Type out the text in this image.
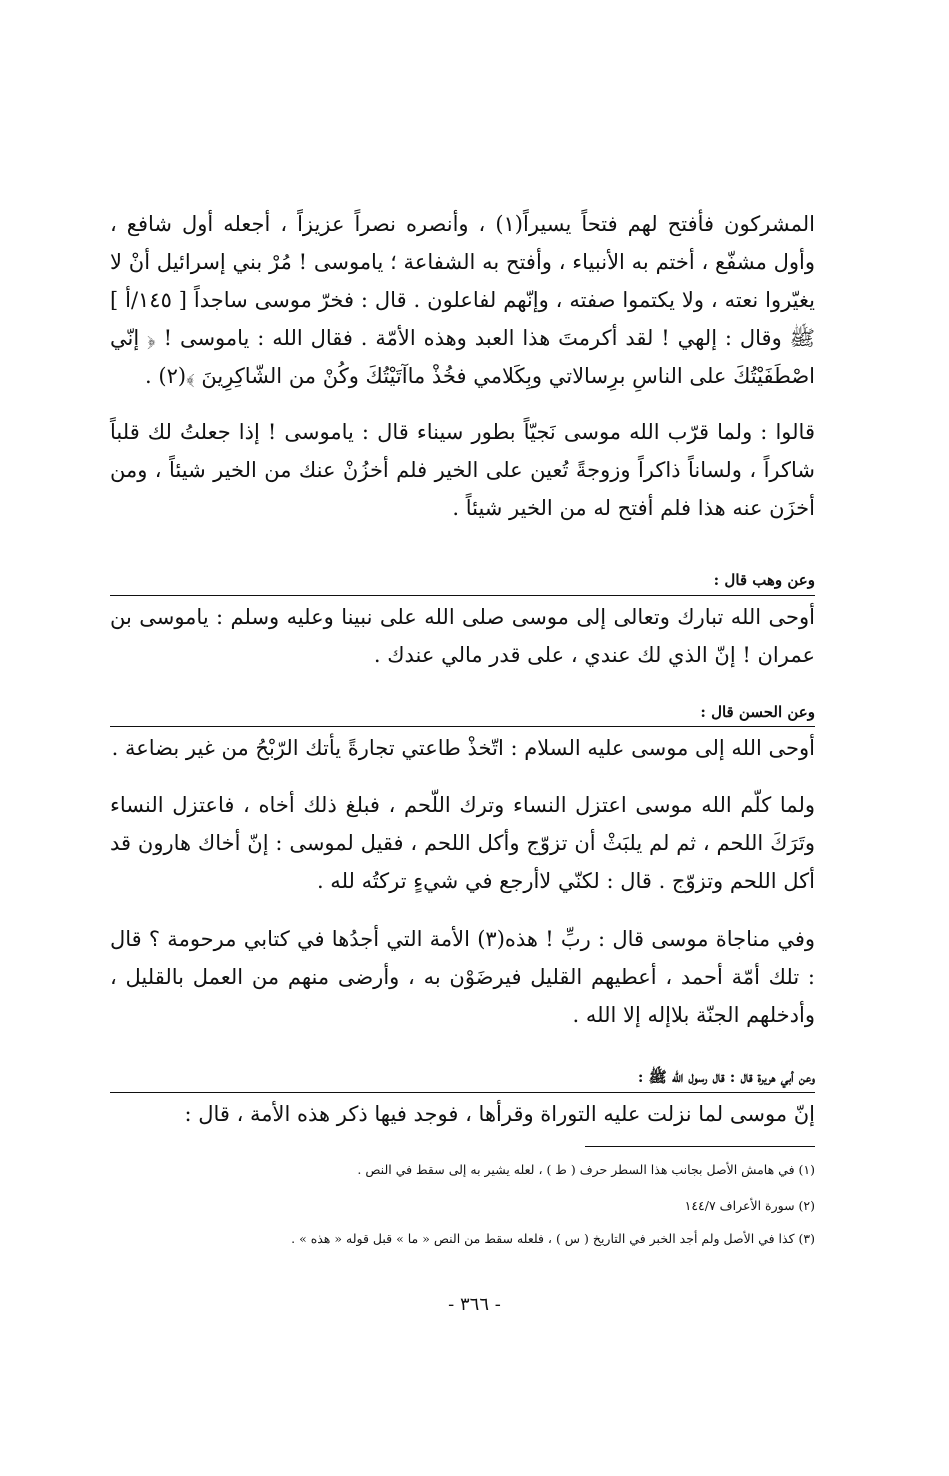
المشركون فأفتح لهم فتحاً يسيراً(١) ، وأنصره نصراً عزيزاً ، أجعله أول شافع ، وأول مشفّع ، أختم به الأنبياء ، وأفتح به الشفاعة ؛ ياموسى ! مُرْ بني إسرائيل أنْ لا يغيّروا نعته ، ولا يكتموا صفته ، وإنّهم لفاعلون . قال : فخرّ موسى ساجداً [ ١٤٥/أ ] ﷺ وقال : إلهي ! لقد أكرمتَ هذا العبد وهذه الأمّة . فقال الله : ياموسى ! ﴿ إنّي اصْطَفَيْتُكَ على الناسِ برِسالاتي وبِكَلامي فخُذْ ماآتَيْتُكَ وكُنْ من الشّاكِرِينَ ﴾(٢) .

قالوا : ولما قرّب الله موسى نَجيّاً بطور سيناء قال : ياموسى ! إذا جعلتُ لك قلباً شاكراً ، ولساناً ذاكراً وزوجةً تُعين على الخير فلم أخزُنْ عنك من الخير شيئاً ، ومن أخزَن عنه هذا فلم أفتح له من الخير شيئاً .

وعن وهب قال :

أوحى الله تبارك وتعالى إلى موسى صلى الله على نبينا وعليه وسلم : ياموسى بن عمران ! إنّ الذي لك عندي ، على قدر مالي عندك .

وعن الحسن قال :

أوحى الله إلى موسى عليه السلام : اتّخذْ طاعتي تجارةً يأتك الرّبْحُ من غير بضاعة .

ولما كلّم الله موسى اعتزل النساء وترك اللّحم ، فبلغ ذلك أخاه ، فاعتزل النساء وتَرَكَ اللحم ، ثم لم يلبَثْ أن تزوّج وأكل اللحم ، فقيل لموسى : إنّ أخاك هارون قد أكل اللحم وتزوّج . قال : لكنّي لاأرجع في شيءٍ تركتُه لله .

وفي مناجاة موسى قال : ربِّ ! هذه(٣) الأمة التي أجدُها في كتابي مرحومة ؟ قال : تلك أمّة أحمد ، أعطيهم القليل فيرضَوْن به ، وأرضى منهم من العمل بالقليل ، وأدخلهم الجنّة بلاإله إلا الله .

وعن أبي هريرة قال : قال رسول الله ﷺ :

إنّ موسى لما نزلت عليه التوراة وقرأها ، فوجد فيها ذكر هذه الأمة ، قال :

(١) في هامش الأصل بجانب هذا السطر حرف ( ط ) ، لعله يشير به إلى سقط في النص .

(٢) سورة الأعراف ١٤٤/٧

(٣) كذا في الأصل ولم أجد الخبر في التاريخ ( س ) ، فلعله سقط من النص « ما » قبل قوله « هذه » .

- ٣٦٦ -
